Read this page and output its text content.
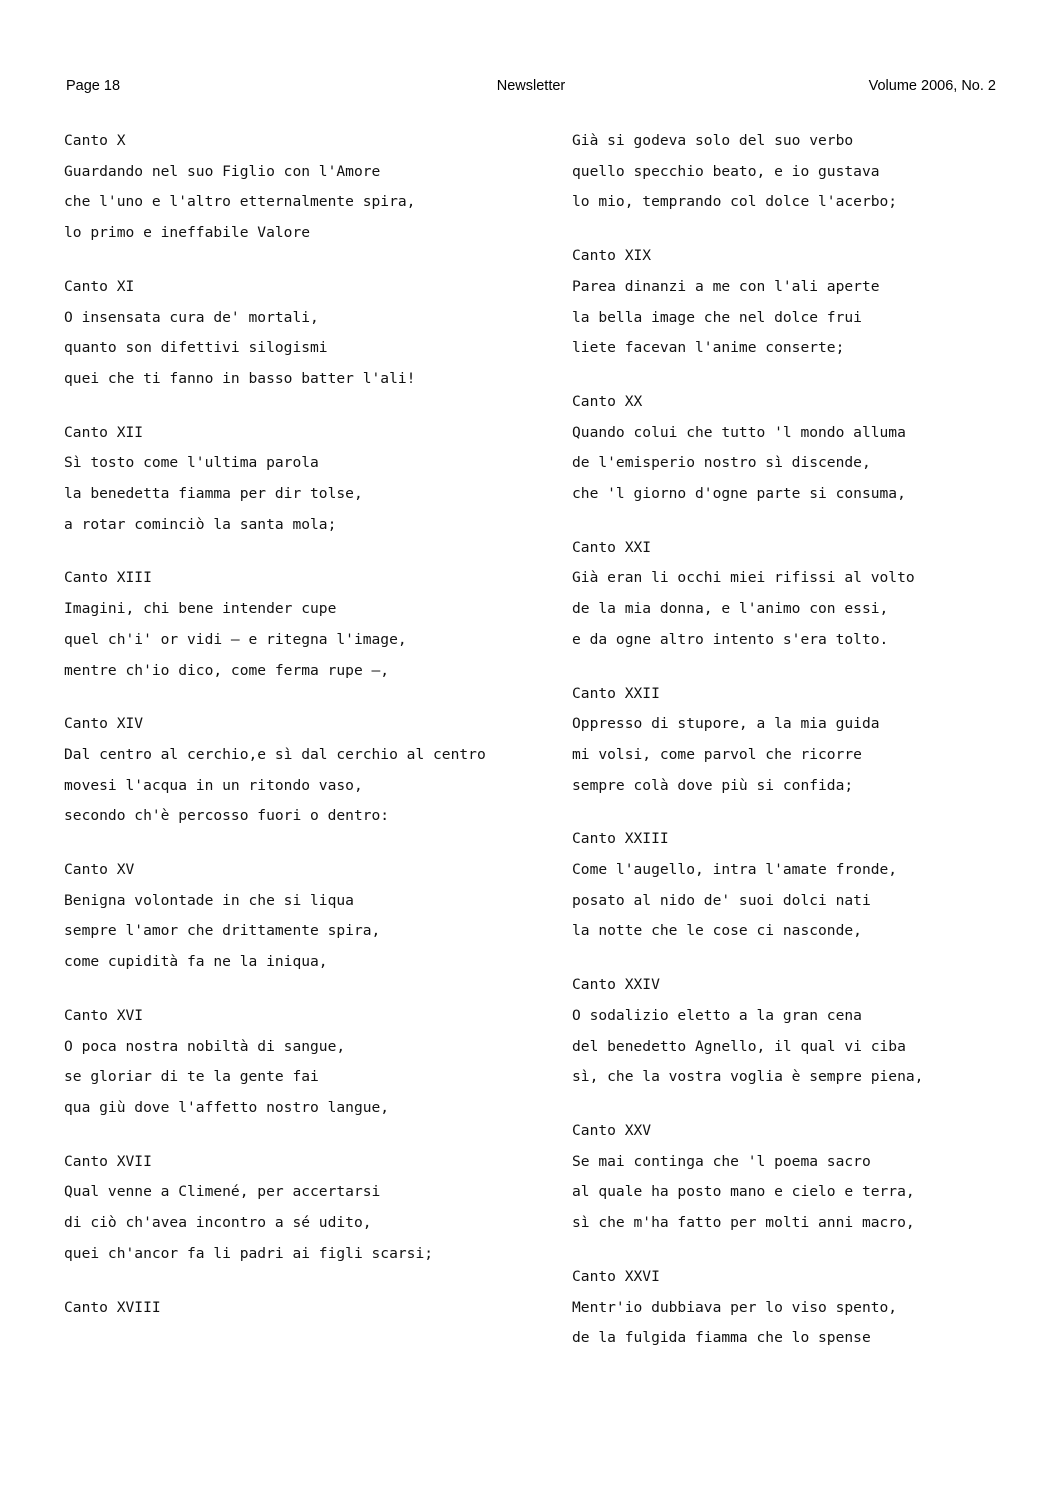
Page 18	Newsletter	Volume 2006, No. 2
Canto X
Guardando nel suo Figlio con l'Amore
che l'uno e l'altro etternalmente spira,
lo primo e ineffabile Valore
Canto XI
O insensata cura de' mortali,
quanto son difettivi silogismi
quei che ti fanno in basso batter l'ali!
Canto XII
Sì tosto come l'ultima parola
la benedetta fiamma per dir tolse,
a rotar cominciò la santa mola;
Canto XIII
Imagini, chi bene intender cupe
quel ch'i' or vidi – e ritegna l'image,
mentre ch'io dico, come ferma rupe –,
Canto XIV
Dal centro al cerchio,e sì dal cerchio al centro
movesi l'acqua in un ritondo vaso,
secondo ch'è percosso fuori o dentro:
Canto XV
Benigna volontade in che si liqua
sempre l'amor che drittamente spira,
come cupidità fa ne la iniqua,
Canto XVI
O poca nostra nobiltà di sangue,
se gloriar di te la gente fai
qua giù dove l'affetto nostro langue,
Canto XVII
Qual venne a Climené, per accertarsi
di ciò ch'avea incontro a sé udito,
quei ch'ancor fa li padri ai figli scarsi;
Canto XVIII
Già si godeva solo del suo verbo
quello specchio beato, e io gustava
lo mio, temprando col dolce l'acerbo;
Canto XIX
Parea dinanzi a me con l'ali aperte
la bella image che nel dolce frui
liete facevan l'anime conserte;
Canto XX
Quando colui che tutto 'l mondo alluma
de l'emisperio nostro sì discende,
che 'l giorno d'ogne parte si consuma,
Canto XXI
Già eran li occhi miei rifissi al volto
de la mia donna, e l'animo con essi,
e da ogne altro intento s'era tolto.
Canto XXII
Oppresso di stupore, a la mia guida
mi volsi, come parvol che ricorre
sempre colà dove più si confida;
Canto XXIII
Come l'augello, intra l'amate fronde,
posato al nido de' suoi dolci nati
la notte che le cose ci nasconde,
Canto XXIV
O sodalizio eletto a la gran cena
del benedetto Agnello, il qual vi ciba
sì, che la vostra voglia è sempre piena,
Canto XXV
Se mai continga che 'l poema sacro
al quale ha posto mano e cielo e terra,
sì che m'ha fatto per molti anni macro,
Canto XXVI
Mentr'io dubbiava per lo viso spento,
de la fulgida fiamma che lo spense
